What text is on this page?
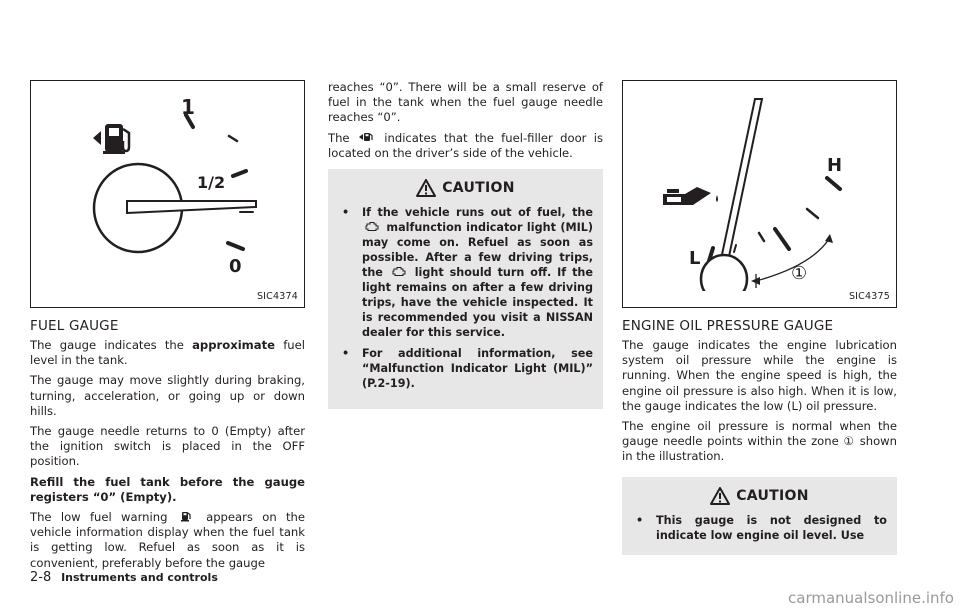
1
1/2
0
SIC4374
FUEL GAUGE

The gauge indicates the approximate fuel level in the tank.

The gauge may move slightly during braking, turning, acceleration, or going up or down hills.

The gauge needle returns to 0 (Empty) after the ignition switch is placed in the OFF position.

Refill the fuel tank before the gauge registers “0” (Empty).

The low fuel warning	appears on the vehicle information display when the fuel tank is getting low. Refuel as soon as it is convenient, preferably before the gauge

reaches “0”. There will be a small reserve of fuel in the tank when the fuel gauge needle reaches “0”.

The	indicates that the fuel-filler door is located on the driver’s side of the vehicle.

CAUTION
• If the vehicle runs out of fuel, the  malfunction indicator light (MIL) may come on. Refuel as soon as possible. After a few driving trips, the	light should turn off. If the light remains on after a few driving trips, have the vehicle inspected. It is recommended you visit a NISSAN dealer for this service.
• For additional information, see “Malfunction Indicator Light (MIL)” (P.2-19).
H
L
①
SIC4375
ENGINE OIL PRESSURE GAUGE

The gauge indicates the engine lubrication system oil pressure while the engine is running. When the engine speed is high, the engine oil pressure is also high. When it is low, the gauge indicates the low (L) oil pressure.

The engine oil pressure is normal when the gauge needle points within the zone ① shown in the illustration.

CAUTION
• This gauge is not designed to indicate low engine oil level. Use
2-8 Instruments and controls
carmanualsonline.info
